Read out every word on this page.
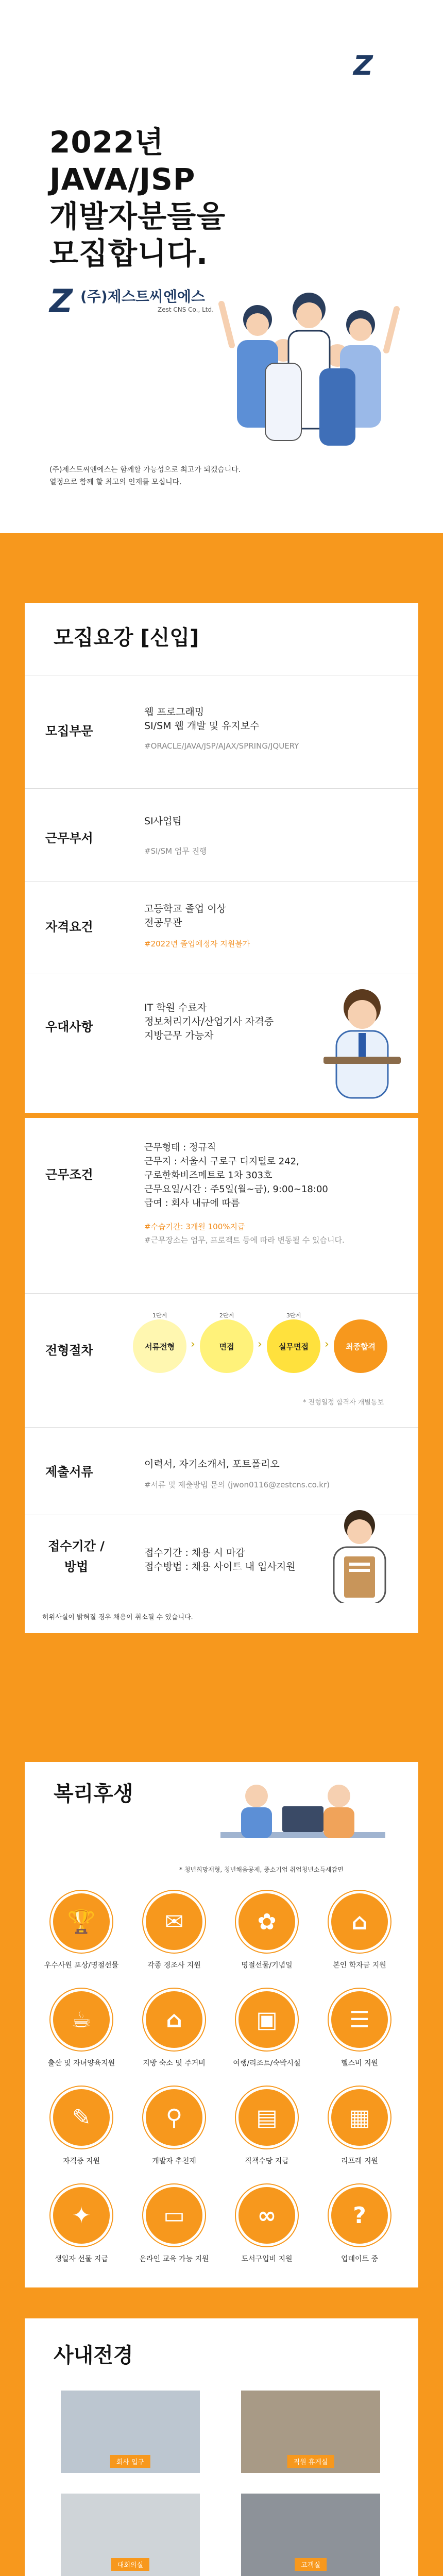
Z
2022년
JAVA/JSP
개발자분들을
모집합니다.
Z (주)제스트씨엔에스
Zest CNS Co., Ltd.
(주)제스트씨엔에스는 함께할 가능성으로 최고가 되겠습니다.
열정으로 함께 할 최고의 인재를 모십니다.
모집요강 [신입]
모집부문
웹 프로그래밍
SI/SM 웹 개발 및 유지보수
#ORACLE/JAVA/JSP/AJAX/SPRING/JQUERY
근무부서
SI사업팀
#SI/SM 업무 진행
자격요건
고등학교 졸업 이상
전공무관
#2022년 졸업예정자 지원불가
우대사항
IT 학원 수료자
정보처리기사/산업기사 자격증
지방근무 가능자
근무조건
근무형태 : 정규직
근무지 : 서울시 구로구 디지털로 242,
구로한화비즈메트로 1차 303호
근무요일/시간 : 주5일(월~금), 9:00~18:00
급여 : 회사 내규에 따름
#수습기간: 3개월 100%지급
#근무장소는 업무, 프로젝트 등에 따라 변동될 수 있습니다.
전형절차
1단계
서류전형	›
2단계
면접	›
3단계
실무면접	›	최종합격
* 전형일정 합격자 개별통보
제출서류
이력서, 자기소개서, 포트폴리오
#서류 및 제출방법 문의 (jwon0116@zestcns.co.kr)
접수기간 / 방법
접수기간 : 채용 시 마감
접수방법 : 채용 사이트 내 입사지원
허위사실이 밝혀질 경우 채용이 취소될 수 있습니다.
복리후생
* 청년희망재형, 청년채움공제, 중소기업 취업청년소득세감면
🏆
우수사원 포상/명절선물
✉
각종 경조사 지원
✿
명절선물/기념일
⌂
본인 학자금 지원
☕
출산 및 자녀양육지원
⌂
지방 숙소 및 주거비
▣
여행/리조트/숙박시설
☰
헬스비 지원
✎
자격증 지원
⚲
개발자 추천제
▤
직책수당 지급
▦
리프레 지원
✦
생일자 선물 지급
▭
온라인 교육 가능 지원
∞
도서구입비 지원
?
업데이트 중
사내전경
회사 입구	직원 휴게실
대회의실	고객실
